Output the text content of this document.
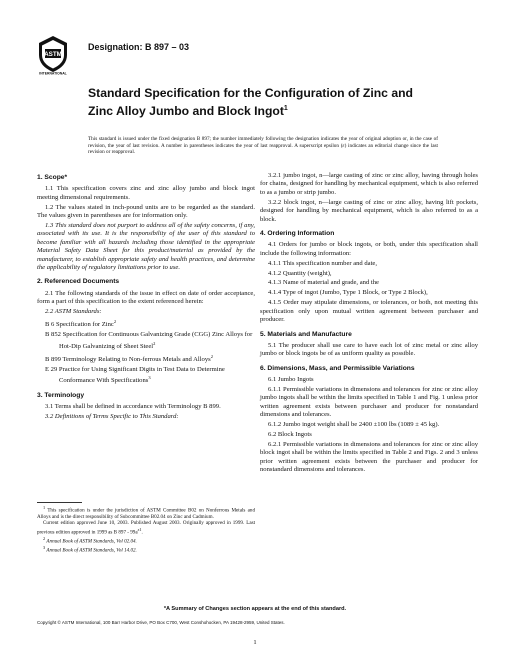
ASTM
INTERNATIONAL
Designation: B 897 – 03
Standard Specification for the Configuration of Zinc and Zinc Alloy Jumbo and Block Ingot$^1$
This standard is issued under the fixed designation B 897; the number immediately following the designation indicates the year of original adoption or, in the case of revision, the year of last revision. A number in parentheses indicates the year of last reapproval. A superscript epsilon (ε) indicates an editorial change since the last revision or reapproval.
1. Scope*

1.1 This specification covers zinc and zinc alloy jumbo and block ingot meeting dimensional requirements.

1.2 The values stated in inch-pound units are to be regarded as the standard. The values given in parentheses are for information only.

1.3 This standard does not purport to address all of the safety concerns, if any, associated with its use. It is the responsibility of the user of this standard to become familiar with all hazards including those identified in the appropriate Material Safety Data Sheet for this product/material as provided by the manufacturer, to establish appropriate safety and health practices, and determine the applicability of regulatory limitations prior to use.

2. Referenced Documents

2.1 The following standards of the issue in effect on date of order acceptance, form a part of this specification to the extent referenced herein:

2.2 ASTM Standards:

B 6 Specification for Zinc$^2$

B 852 Specification for Continuous Galvanizing Grade (CGG) Zinc Alloys for Hot-Dip Galvanizing of Sheet Steel$^2$

B 899 Terminology Relating to Non-ferrous Metals and Alloys$^2$

E 29 Practice for Using Significant Digits in Test Data to Determine Conformance With Specifications$^3$

3. Terminology

3.1 Terms shall be defined in accordance with Terminology B 899.

3.2 Definitions of Terms Specific to This Standard:

3.2.1 jumbo ingot, n—large casting of zinc or zinc alloy, having through holes for chains, designed for handling by mechanical equipment, which is also referred to as a jumbo or strip jumbo.

3.2.2 block ingot, n—large casting of zinc or zinc alloy, having lift pockets, designed for handling by mechanical equipment, which is also referred to as a block.

4. Ordering Information

4.1 Orders for jumbo or block ingots, or both, under this specification shall include the following information:

4.1.1 This specification number and date,

4.1.2 Quantity (weight),

4.1.3 Name of material and grade, and the

4.1.4 Type of ingot (Jumbo, Type 1 Block, or Type 2 Block),

4.1.5 Order may stipulate dimensions, or tolerances, or both, not meeting this specification only upon mutual written agreement between purchaser and producer.

5. Materials and Manufacture

5.1 The producer shall use care to have each lot of zinc metal or zinc alloy jumbo or block ingots be of as uniform quality as possible.

6. Dimensions, Mass, and Permissible Variations

6.1 Jumbo Ingots

6.1.1 Permissible variations in dimensions and tolerances for zinc or zinc alloy jumbo ingots shall be within the limits specified in Table 1 and Fig. 1 unless prior written agreement exists between purchaser and producer for nonstandard dimensions and tolerances.

6.1.2 Jumbo ingot weight shall be 2400 ±100 lbs (1089 ± 45 kg).

6.2 Block Ingots

6.2.1 Permissible variations in dimensions and tolerances for zinc or zinc alloy block ingot shall be within the limits specified in Table 2 and Figs. 2 and 3 unless prior written agreement exists between the purchaser and producer for nonstandard dimensions and tolerances.

$^1$ This specification is under the jurisdiction of ASTM Committee B02 on Nonferrous Metals and Alloys and is the direct responsibility of Subcommittee B02.04 on Zinc and Cadmium.

Current edition approved June 10, 2003. Published August 2003. Originally approved in 1999. Last previous edition approved in 1999 as B $897 - 99a^{\varepsilon 1}$.

$^2$ Annual Book of ASTM Standards, Vol 02.04.

$^3$ Annual Book of ASTM Standards, Vol 14.02.

*A Summary of Changes section appears at the end of this standard.
Copyright © ASTM International, 100 Barr Harbor Drive, PO Box C700, West Conshohocken, PA 19428-2959, United States.
1
